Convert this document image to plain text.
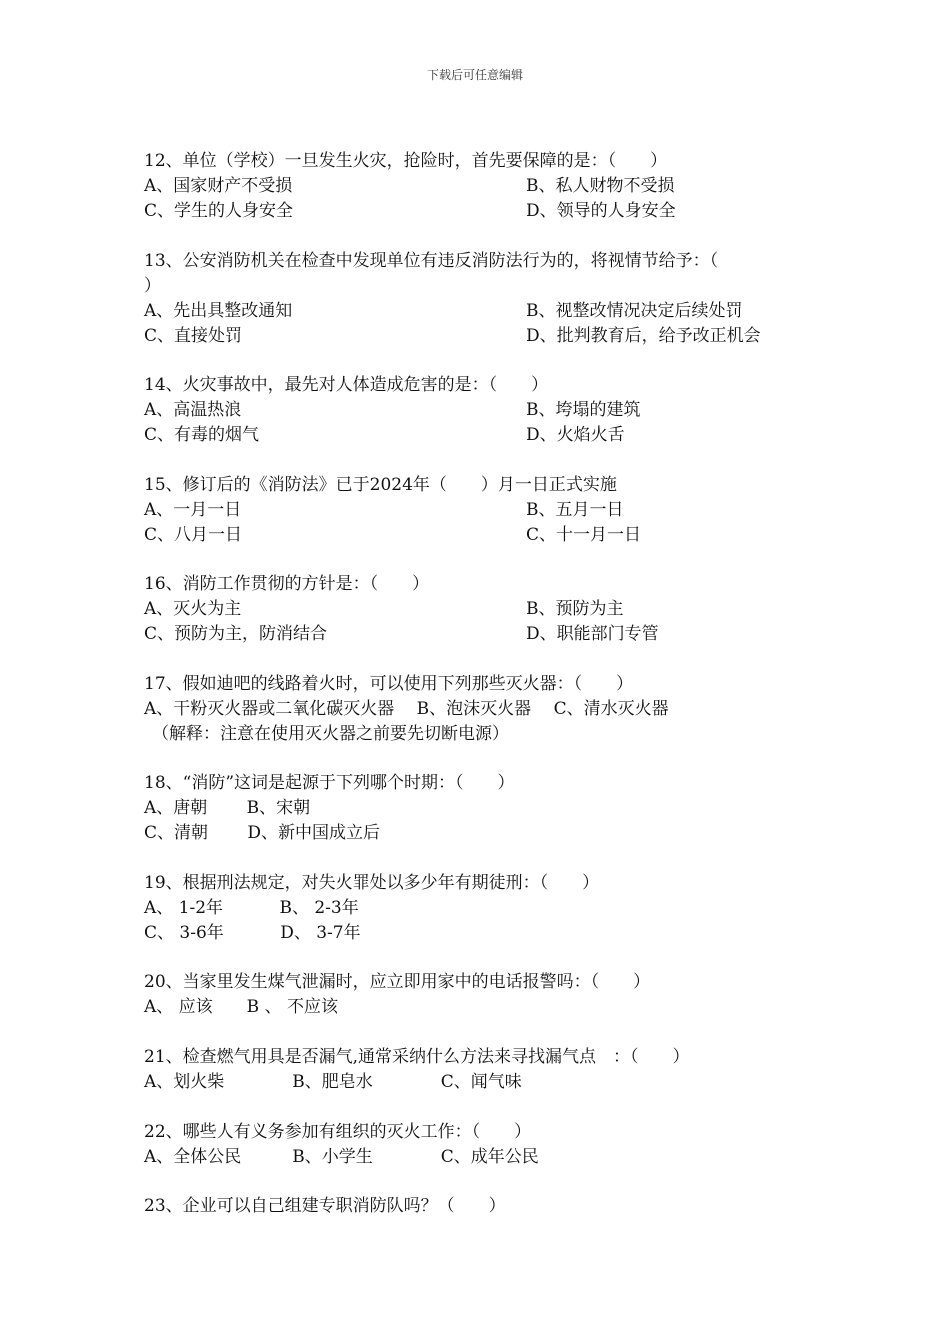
下载后可任意编辑
12、单位（学校）一旦发生火灾，抢险时，首先要保障的是：（　　）
A、国家财产不受损	B、私人财物不受损
C、学生的人身安全	D、领导的人身安全
13、公安消防机关在检查中发现单位有违反消防法行为的，将视情节给予：（
）
A、先出具整改通知	B、视整改情况决定后续处罚
C、直接处罚	D、批判教育后，给予改正机会
14、火灾事故中，最先对人体造成危害的是：（　　）
A、高温热浪	B、垮塌的建筑
C、有毒的烟气	D、火焰火舌
15、修订后的《消防法》已于2024年（　　）月一日正式实施
A、一月一日	B、五月一日
C、八月一日	C、十一月一日
16、消防工作贯彻的方针是：（　　）
A、灭火为主	B、预防为主
C、预防为主，防消结合	D、职能部门专管
17、假如迪吧的线路着火时，可以使用下列那些灭火器：（　　）
A、干粉灭火器或二氧化碳灭火器　 B、泡沫灭火器　 C、清水灭火器
（解释：注意在使用灭火器之前要先切断电源）
18、“消防”这词是起源于下列哪个时期：（　　）
A、唐朝　　 B、宋朝
C、清朝　　 D、新中国成立后
19、根据刑法规定，对失火罪处以多少年有期徒刑：（　　）
A、 1-2年　　　 B、 2-3年
C、 3-6年　　　 D、 3-7年
20、当家里发生煤气泄漏时，应立即用家中的电话报警吗：（　　）
A、 应该　　B 、 不应该
21、检查燃气用具是否漏气,通常采纳什么方法来寻找漏气点　：（　　）
A、划火柴　　　　B、肥皂水　　　　C、闻气味
22、哪些人有义务参加有组织的灭火工作：（　　）
A、全体公民　　　B、小学生　　　　C、成年公民
23、企业可以自己组建专职消防队吗？（　　）
